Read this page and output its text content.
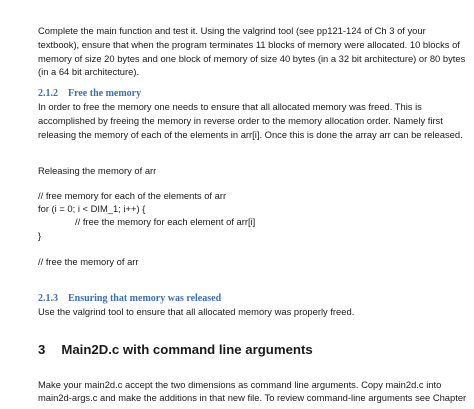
Complete the main function and test it. Using the valgrind tool (see pp121-124 of Ch 3 of your

textbook), ensure that when the program terminates 11 blocks of memory were allocated. 10 blocks of

memory of size 20 bytes and one block of memory of size 40 bytes (in a 32 bit architecture) or 80 bytes

(in a 64 bit architecture).

2.1.2 Free the memory

In order to free the memory one needs to ensure that all allocated memory was freed. This is

accomplished by freeing the memory in reverse order to the memory allocation order. Namely first

releasing the memory of each of the elements in arr[i]. Once this is done the array arr can be released.

Releasing the memory of arr

// free memory for each of the elements of arr

for (i = 0; i < DIM_1; i++) {

// free the memory for each element of arr[i]

}

// free the memory of arr

2.1.3 Ensuring that memory was released

Use the valgrind tool to ensure that all allocated memory was properly freed.

3 Main2D.c with command line arguments

Make your main2d.c accept the two dimensions as command line arguments. Copy main2d.c into

main2d-args.c and make the additions in that new file. To review command-line arguments see Chapter
